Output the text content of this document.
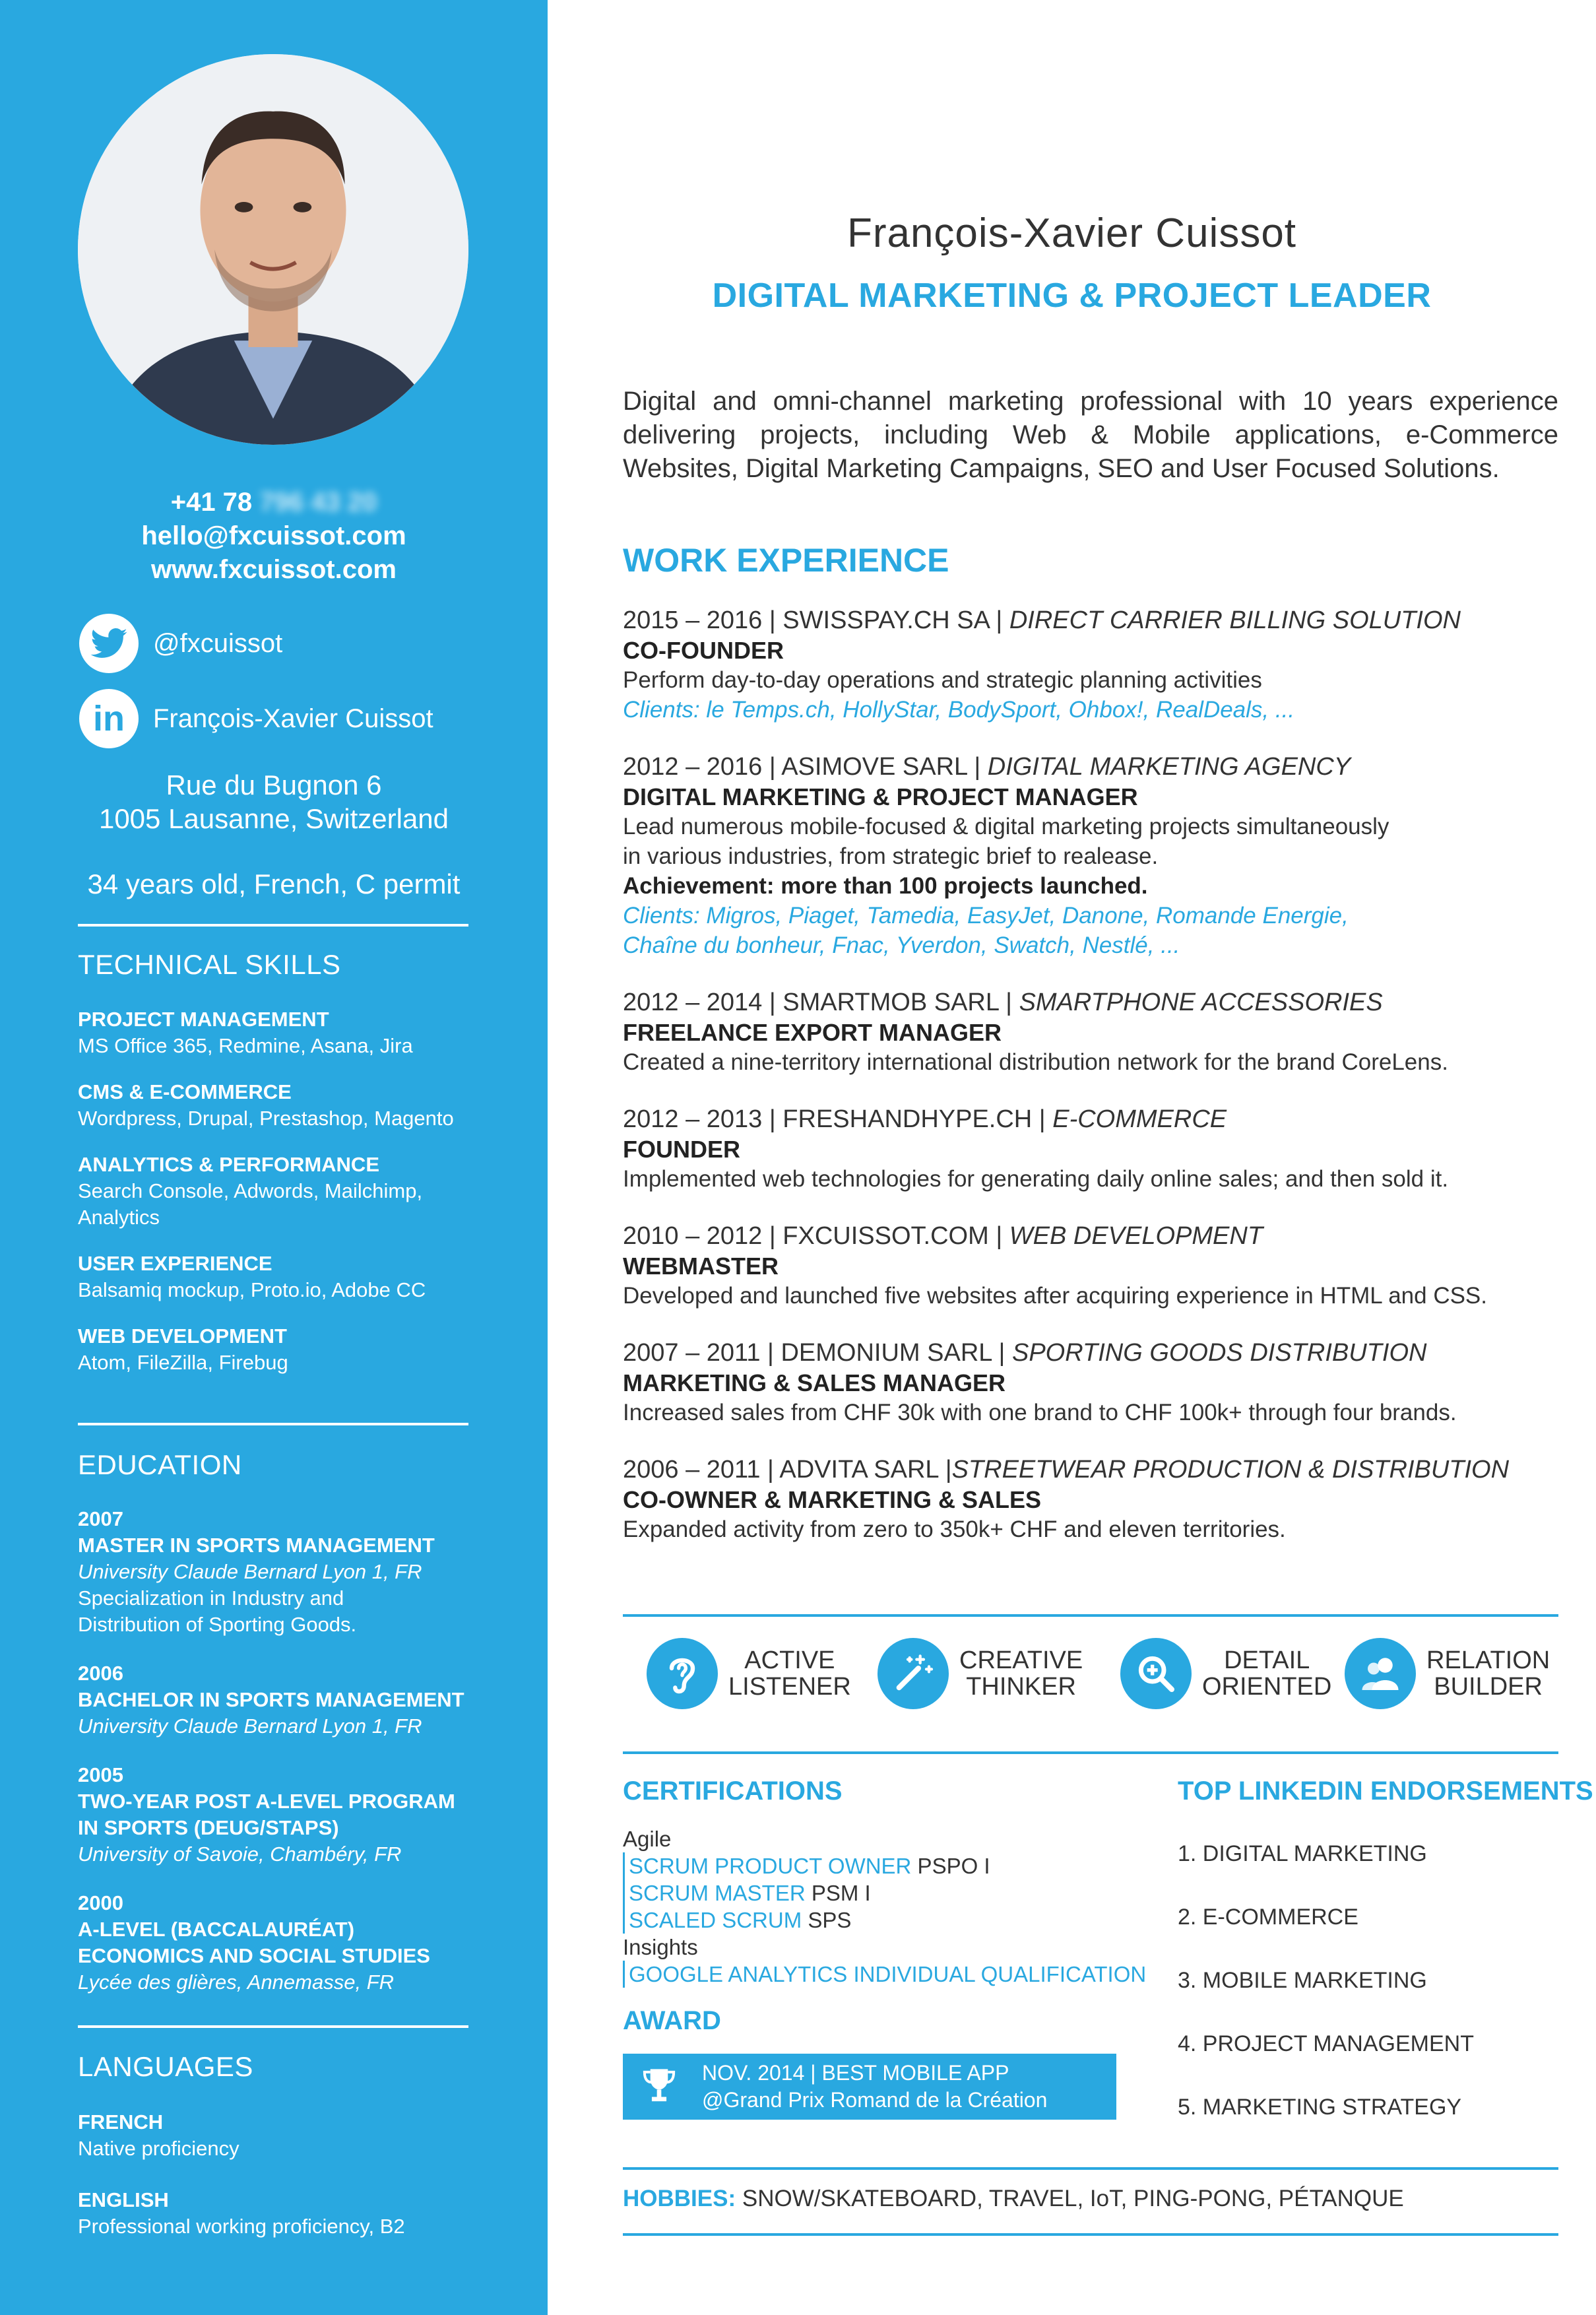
+41 78 796 43 20
hello@fxcuissot.com
www.fxcuissot.com
@fxcuissot
in François-Xavier Cuissot
Rue du Bugnon 6
1005 Lausanne, Switzerland
34 years old, French, C permit
TECHNICAL SKILLS
PROJECT MANAGEMENT
MS Office 365, Redmine, Asana, Jira
CMS & E-COMMERCE
Wordpress, Drupal, Prestashop, Magento
ANALYTICS & PERFORMANCE
Search Console, Adwords, Mailchimp,
Analytics
USER EXPERIENCE
Balsamiq mockup, Proto.io, Adobe CC
WEB DEVELOPMENT
Atom, FileZilla, Firebug
EDUCATION
2007
MASTER IN SPORTS MANAGEMENT
University Claude Bernard Lyon 1, FR
Specialization in Industry and
Distribution of Sporting Goods.
2006
BACHELOR IN SPORTS MANAGEMENT
University Claude Bernard Lyon 1, FR
2005
TWO-YEAR POST A-LEVEL PROGRAM
IN SPORTS (DEUG/STAPS)
University of Savoie, Chambéry, FR
2000
A-LEVEL (BACCALAURÉAT)
ECONOMICS AND SOCIAL STUDIES
Lycée des glières, Annemasse, FR
LANGUAGES
FRENCH
Native proficiency
ENGLISH
Professional working proficiency, B2
François-Xavier Cuissot
DIGITAL MARKETING & PROJECT LEADER
Digital and omni-channel marketing professional with 10 years experience delivering projects, including Web & Mobile applications, e-Commerce Websites, Digital Marketing Campaigns, SEO and User Focused Solutions.
WORK EXPERIENCE
2015 – 2016 | SWISSPAY.CH SA | DIRECT CARRIER BILLING SOLUTION
CO-FOUNDER
Perform day-to-day operations and strategic planning activities
Clients: le Temps.ch, HollyStar, BodySport, Ohbox!, RealDeals, ...
2012 – 2016 | ASIMOVE SARL | DIGITAL MARKETING AGENCY
DIGITAL MARKETING & PROJECT MANAGER
Lead numerous mobile-focused & digital marketing projects simultaneously
in various industries, from strategic brief to realease.
Achievement: more than 100 projects launched.
Clients: Migros, Piaget, Tamedia, EasyJet, Danone, Romande Energie,
Chaîne du bonheur, Fnac, Yverdon, Swatch, Nestlé, ...
2012 – 2014 | SMARTMOB SARL | SMARTPHONE ACCESSORIES
FREELANCE EXPORT MANAGER
Created a nine-territory international distribution network for the brand CoreLens.
2012 – 2013 | FRESHANDHYPE.CH | E-COMMERCE
FOUNDER
Implemented web technologies for generating daily online sales; and then sold it.
2010 – 2012 | FXCUISSOT.COM | WEB DEVELOPMENT
WEBMASTER
Developed and launched five websites after acquiring experience in HTML and CSS.
2007 – 2011 | DEMONIUM SARL | SPORTING GOODS DISTRIBUTION
MARKETING & SALES MANAGER
Increased sales from CHF 30k with one brand to CHF 100k+ through four brands.
2006 – 2011 | ADVITA SARL |STREETWEAR PRODUCTION & DISTRIBUTION
CO-OWNER & MARKETING & SALES
Expanded activity from zero to 350k+ CHF and eleven territories.
ACTIVE
LISTENER
CREATIVE
THINKER
DETAIL
ORIENTED
RELATION
BUILDER
CERTIFICATIONS
Agile
SCRUM PRODUCT OWNER PSPO I
SCRUM MASTER PSM I
SCALED SCRUM SPS
Insights
GOOGLE ANALYTICS INDIVIDUAL QUALIFICATION
AWARD
NOV. 2014 | BEST MOBILE APP
@Grand Prix Romand de la Création
TOP LINKEDIN ENDORSEMENTS
1. DIGITAL MARKETING
2. E-COMMERCE
3. MOBILE MARKETING
4. PROJECT MANAGEMENT
5. MARKETING STRATEGY
HOBBIES: SNOW/SKATEBOARD, TRAVEL, IoT, PING-PONG, PÉTANQUE
